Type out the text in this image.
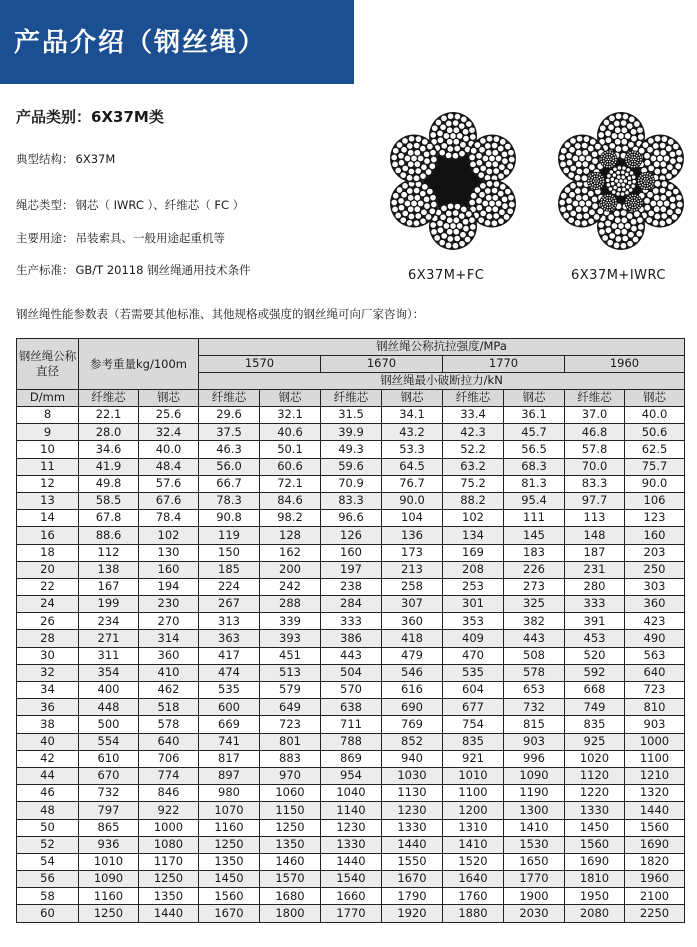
产品介绍（钢丝绳）
产品类别：6X37M类
典型结构： 6X37M
绳芯类型： 钢芯（ IWRC ）、纤维芯（ FC ）
主要用途： 吊装索具、一般用途起重机等
生产标准： GB/T 20118 钢丝绳通用技术条件	6X37M+FC	6X37M+IWRC
钢丝绳性能参数表（若需要其他标准、其他规格或强度的钢丝绳可向厂家咨询）：
钢丝绳公称直径	参考重量kg/100m		钢丝绳公称抗拉强度/MPa							
			1570		1670		1770		1960	
			钢丝绳最小破断拉力/kN							
D/mm	纤维芯	钢芯	纤维芯	钢芯	纤维芯	钢芯	纤维芯	钢芯	纤维芯	钢芯
8	22.1	25.6	29.6	32.1	31.5	34.1	33.4	36.1	37.0	40.0
9	28.0	32.4	37.5	40.6	39.9	43.2	42.3	45.7	46.8	50.6
10	34.6	40.0	46.3	50.1	49.3	53.3	52.2	56.5	57.8	62.5
11	41.9	48.4	56.0	60.6	59.6	64.5	63.2	68.3	70.0	75.7
12	49.8	57.6	66.7	72.1	70.9	76.7	75.2	81.3	83.3	90.0
13	58.5	67.6	78.3	84.6	83.3	90.0	88.2	95.4	97.7	106
14	67.8	78.4	90.8	98.2	96.6	104	102	111	113	123
16	88.6	102	119	128	126	136	134	145	148	160
18	112	130	150	162	160	173	169	183	187	203
20	138	160	185	200	197	213	208	226	231	250
22	167	194	224	242	238	258	253	273	280	303
24	199	230	267	288	284	307	301	325	333	360
26	234	270	313	339	333	360	353	382	391	423
28	271	314	363	393	386	418	409	443	453	490
30	311	360	417	451	443	479	470	508	520	563
32	354	410	474	513	504	546	535	578	592	640
34	400	462	535	579	570	616	604	653	668	723
36	448	518	600	649	638	690	677	732	749	810
38	500	578	669	723	711	769	754	815	835	903
40	554	640	741	801	788	852	835	903	925	1000
42	610	706	817	883	869	940	921	996	1020	1100
44	670	774	897	970	954	1030	1010	1090	1120	1210
46	732	846	980	1060	1040	1130	1100	1190	1220	1320
48	797	922	1070	1150	1140	1230	1200	1300	1330	1440
50	865	1000	1160	1250	1230	1330	1310	1410	1450	1560
52	936	1080	1250	1350	1330	1440	1410	1530	1560	1690
54	1010	1170	1350	1460	1440	1550	1520	1650	1690	1820
56	1090	1250	1450	1570	1540	1670	1640	1770	1810	1960
58	1160	1350	1560	1680	1660	1790	1760	1900	1950	2100
60	1250	1440	1670	1800	1770	1920	1880	2030	2080	2250
